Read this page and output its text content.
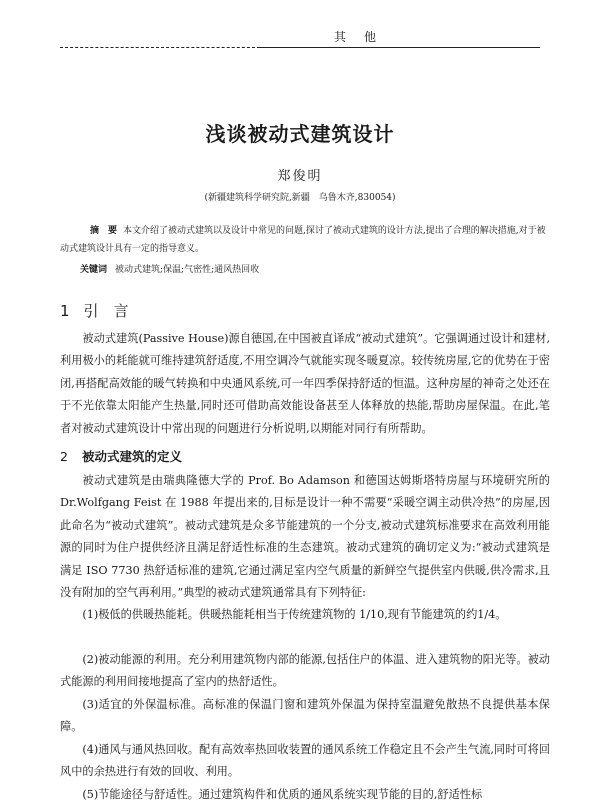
其他
浅谈被动式建筑设计
郑俊明
(新疆建筑科学研究院,新疆　乌鲁木齐,830054)
摘　要 本文介绍了被动式建筑以及设计中常见的问题,探讨了被动式建筑的设计方法,提出了合理的解决措施,对于被动式建筑设计具有一定的指导意义。
关键词 被动式建筑;保温;气密性;通风热回收
1 引　言
被动式建筑(Passive House)源自德国,在中国被直译成“被动式建筑”。它强调通过设计和建材,利用极小的耗能就可维持建筑舒适度,不用空调冷气就能实现冬暖夏凉。较传统房屋,它的优势在于密闭,再搭配高效能的暖气转换和中央通风系统,可一年四季保持舒适的恒温。这种房屋的神奇之处还在于不光依靠太阳能产生热量,同时还可借助高效能设备甚至人体释放的热能,帮助房屋保温。在此,笔者对被动式建筑设计中常出现的问题进行分析说明,以期能对同行有所帮助。
2 被动式建筑的定义
被动式建筑是由瑞典隆德大学的 Prof. Bo Adamson 和德国达姆斯塔特房屋与环境研究所的 Dr.Wolfgang Feist 在 1988 年提出来的,目标是设计一种不需要“采暖空调主动供冷热”的房屋,因此命名为“被动式建筑”。被动式建筑是众多节能建筑的一个分支,被动式建筑标准要求在高效利用能源的同时为住户提供经济且满足舒适性标准的生态建筑。被动式建筑的确切定义为:“被动式建筑是满足 ISO 7730 热舒适标准的建筑,它通过满足室内空气质量的新鲜空气提供室内供暖,供冷需求,且没有附加的空气再利用。”典型的被动式建筑通常具有下列特征:
(1)极低的供暖热能耗。供暖热能耗相当于传统建筑物的 1/10,现有节能建筑的约1/4。
(2)被动能源的利用。充分利用建筑物内部的能源,包括住户的体温、进入建筑物的阳光等。被动式能源的利用间接地提高了室内的热舒适性。
(3)适宜的外保温标准。高标准的保温门窗和建筑外保温为保持室温避免散热不良提供基本保障。
(4)通风与通风热回收。配有高效率热回收装置的通风系统工作稳定且不会产生气流,同时可将回风中的余热进行有效的回收、利用。
(5)节能途径与舒适性。通过建筑构件和优质的通风系统实现节能的目的,舒适性标
